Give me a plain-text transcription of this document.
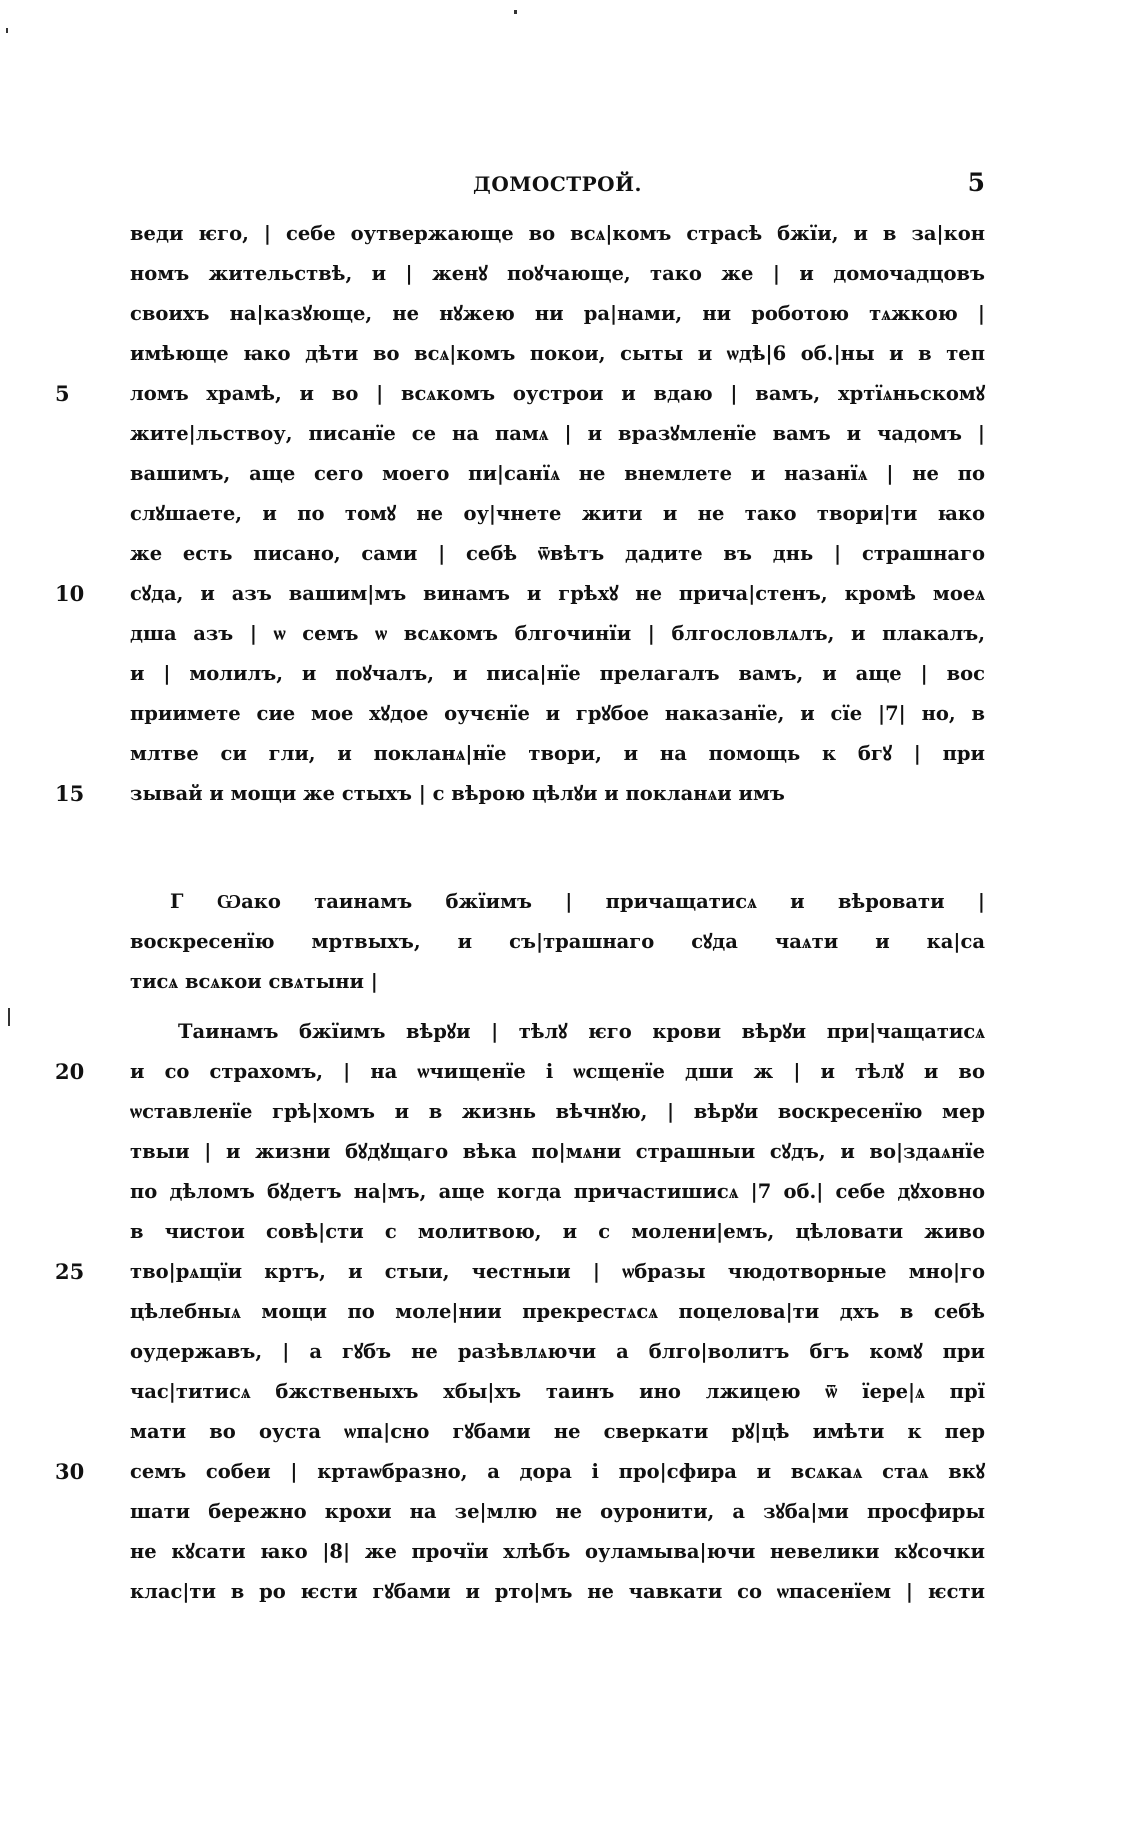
ДОМОСТРОЙ.	5
веди ѥго, | себе оутвержающе во всѧ|комъ страсѣ бжїи, и в за|кон
номъ жительствѣ, и | женꙋ поꙋчающе, тако же | и домочадцовъ
своихъ на|казꙋюще, не нꙋжею ни ра|нами, ни роботою тѧжкою |
имѣюще ꙗко дѣти во всѧ|комъ покои, сыты и ѡдѣ|6 об.|ны и в теп
5	ломъ храмѣ, и во | всѧкомъ оустрои и вдаю | вамъ, хртїѧньскомꙋ
жите|льствоу, писанїе се на памѧ | и вразꙋмленїе вамъ и чадомъ |
вашимъ, аще сего моего пи|санїѧ не внемлете и назанїѧ | не по
слꙋшаете, и по томꙋ не оу|чнете жити и не тако твори|ти ꙗко
же есть писано, сами | себѣ ѿвѣтъ дадите въ днь | страшнаго
10	сꙋда, и азъ вашим|мъ винамъ и грѣхꙋ не прича|стенъ, кромѣ моеѧ
дша азъ | ѡ семъ ѡ всѧкомъ блгочинїи | блгословлѧлъ, и плакалъ,
и | молилъ, и поꙋчалъ, и писа|нїе прелагалъ вамъ, и аще | вос
приимете сие мое хꙋдое оучєнїе и грꙋбое наказанїе, и сїе |7| но, в
млтве си гли, и покланѧ|нїе твори, и на помощь к бгꙋ | при
15	зывай и мощи же стыхъ | с вѣрою цѣлꙋи и покланѧи имъ
Г Ѡако таинамъ бжїимъ | причащатисѧ и вѣровати |
воскресенїю мртвыхъ, и съ|трашнаго сꙋда чаѧти и ка|са
тисѧ всѧкои свѧтыни |
Таинамъ бжїимъ вѣрꙋи | тѣлꙋ ѥго крови вѣрꙋи при|чащатисѧ
20	и со страхомъ, | на ѡчищенїе і ѡсщенїе дши ж | и тѣлꙋ и во
ѡставленїе грѣ|хомъ и в жизнь вѣчнꙋю, | вѣрꙋи воскресенїю мер
твыи | и жизни бꙋдꙋщаго вѣка по|мѧни страшныи сꙋдъ, и во|здаѧнїе
по дѣломъ бꙋдетъ на|мъ, аще когда причастишисѧ |7 об.| себе дꙋховно
в чистои совѣ|сти с молитвою, и с молени|емъ, цѣловати живо
25	тво|рѧщїи кртъ, и стыи, честныи | ѡбразы чюдотворные мно|го
цѣлебныѧ мощи по моле|нии прекрестѧсѧ поцелова|ти дхъ в себѣ
оудержавъ, | а гꙋбъ не разѣвлѧючи а блго|волитъ бгъ комꙋ при
час|титисѧ бжственыхъ хбы|хъ таинъ ино лжицею ѿ їере|ѧ прї
мати во оуста ѡпа|сно гꙋбами не сверкати рꙋ|цѣ имѣти к пер
30	семъ собеи | кртаѡбразно, а дора і про|сфира и всѧкаѧ стаѧ вкꙋ
шати бережно крохи на зе|млю не оуронити, а зꙋба|ми просфиры
не кꙋсати ꙗко |8| же прочїи хлѣбъ оуламыва|ючи невелики кꙋсочки
клас|ти в ро ѥсти гꙋбами и рто|мъ не чавкати со ѡпасенїем | ѥсти
